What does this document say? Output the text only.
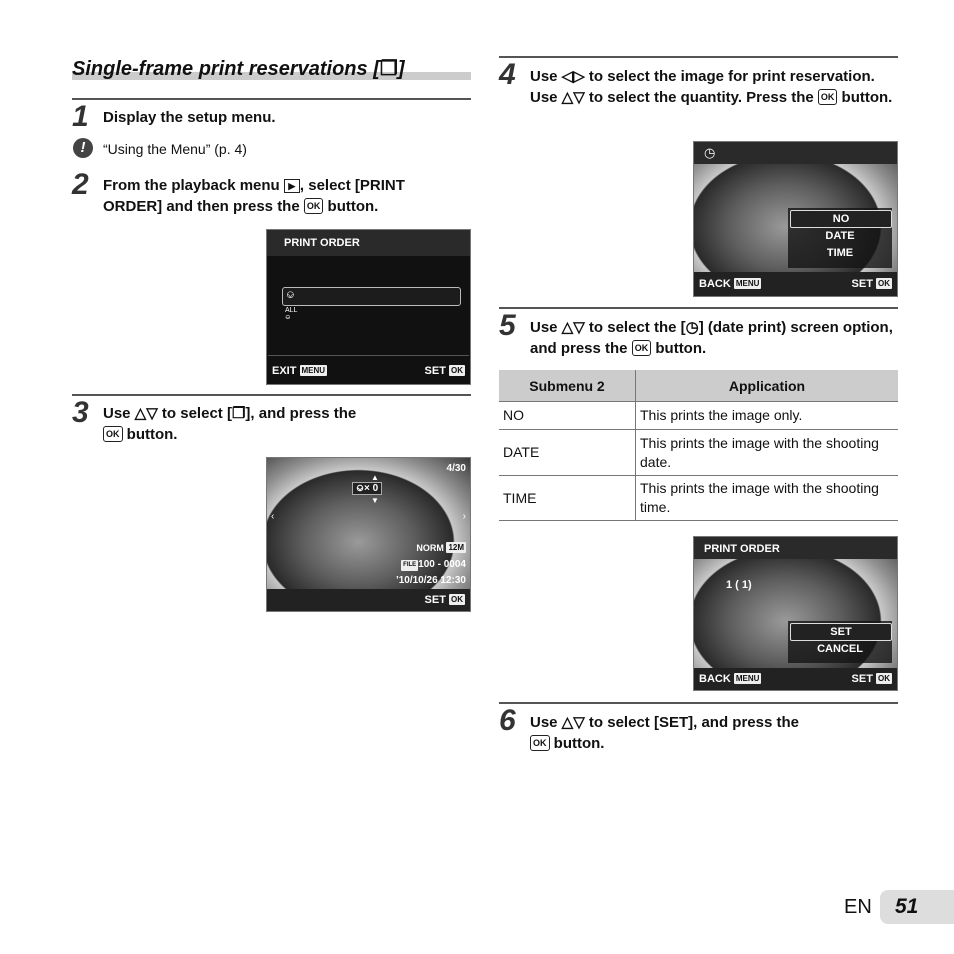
Single-frame print reservations [❐]
1 Display the setup menu.
!	“Using the Menu” (p. 4)
2 From the playback menu ▶ , select [PRINT ORDER] and then press the OK button.
PRINT ORDER
⎉
ALL
⎉
EXIT MENU	SET OK
3 Use △▽ to select [❐], and press the
OK button.
4/30
⎉× 0
▲
▼
‹	›
NORM 12M
FILE 100 - 0004
’10/10/26 12:30
SET OK
4 Use ◁▷ to select the image for print reservation. Use △▽ to select the quantity. Press the OK button.
◷
NO
DATE
TIME
BACK MENU	SET OK
5 Use △▽ to select the [◷] (date print) screen option, and press the OK button.
Submenu 2	Application
NO	This prints the image only.
DATE	This prints the image with the shooting date.
TIME	This prints the image with the shooting time.
PRINT ORDER
1 ( 1)
SET
CANCEL
BACK MENU	SET OK
6 Use △▽ to select [SET], and press the
OK button.
EN 51
